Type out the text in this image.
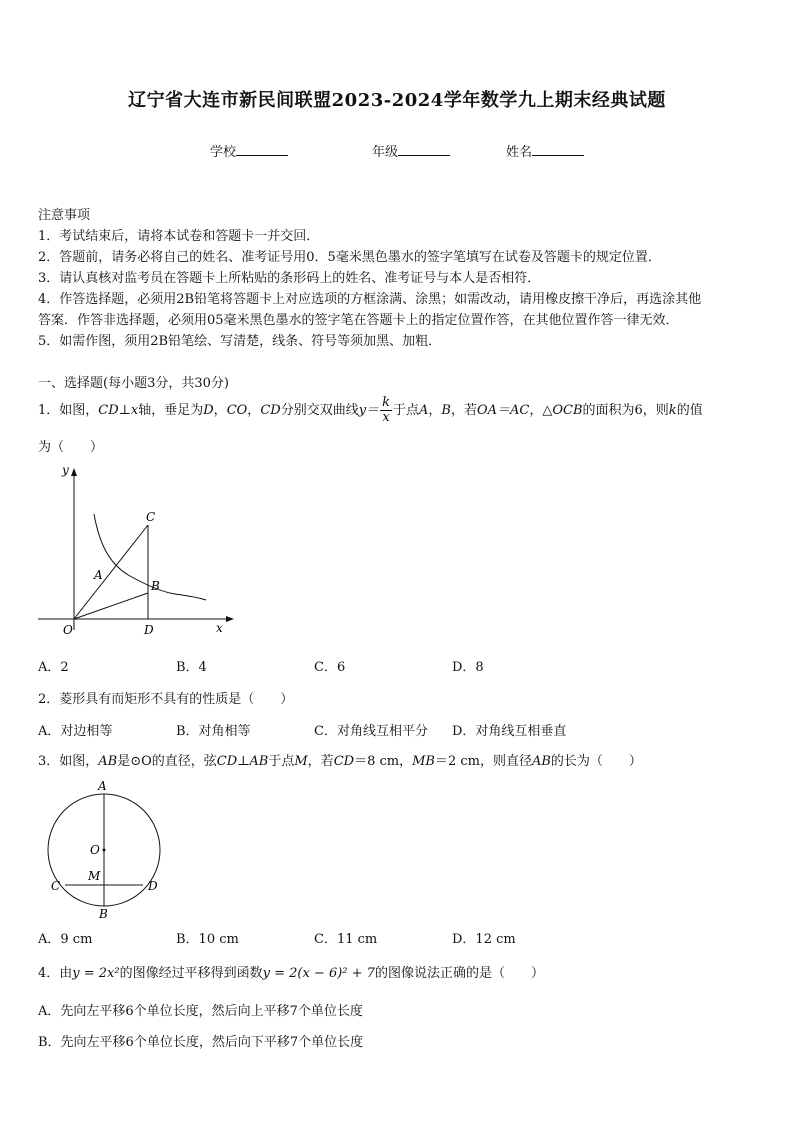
辽宁省大连市新民间联盟2023-2024学年数学九上期末经典试题
学校	年级	姓名
注意事项
1．考试结束后，请将本试卷和答题卡一并交回．
2．答题前，请务必将自己的姓名、准考证号用0．5毫米黑色墨水的签字笔填写在试卷及答题卡的规定位置．
3．请认真核对监考员在答题卡上所粘贴的条形码上的姓名、准考证号与本人是否相符．
4．作答选择题，必须用2B铅笔将答题卡上对应选项的方框涂满、涂黑；如需改动，请用橡皮擦干净后，再选涂其他
答案．作答非选择题，必须用05毫米黑色墨水的签字笔在答题卡上的指定位置作答，在其他位置作答一律无效．
5．如需作图，须用2B铅笔绘、写清楚，线条、符号等须加黑、加粗．
一、选择题(每小题3分，共30分)
1．如图，CD⊥x轴，垂足为D，CO，CD分别交双曲线$y= \frac{k}{x}$ 于点A，B，若OA＝AC，△OCB的面积为6，则k的值
为（　　）
y
x
O	D
C
A
B
A．2	B．4	C．6	D．8
2．菱形具有而矩形不具有的性质是（　　）
A．对边相等	B．对角相等	C．对角线互相平分 D．对角线互相垂直
3．如图，AB是⊙O的直径，弦CD⊥AB于点M，若CD＝8 cm，MB＝2 cm，则直径AB的长为（　　）
A
B
C	D
O
M
A．9 cm	B．10 cm	C．11 cm	D．12 cm
4．由y = 2x²的图像经过平移得到函数y = 2(x − 6)² + 7的图像说法正确的是（　　）
A．先向左平移6个单位长度，然后向上平移7个单位长度
B．先向左平移6个单位长度，然后向下平移7个单位长度
